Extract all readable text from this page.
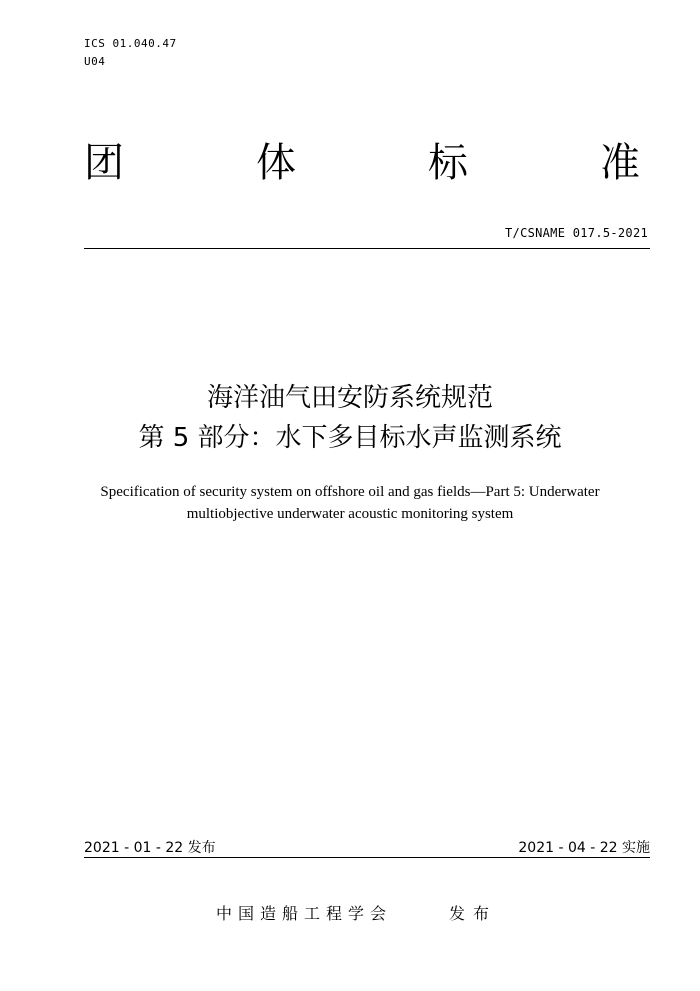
ICS 01.040.47
U04
团	体	标	准
T/CSNAME 017.5-2021
海洋油气田安防系统规范
第 5 部分：水下多目标水声监测系统
Specification of security system on offshore oil and gas fields—Part 5: Underwater
multiobjective underwater acoustic monitoring system
2021 - 01 - 22 发布	2021 - 04 - 22 实施
中国造船工程学会	发布
